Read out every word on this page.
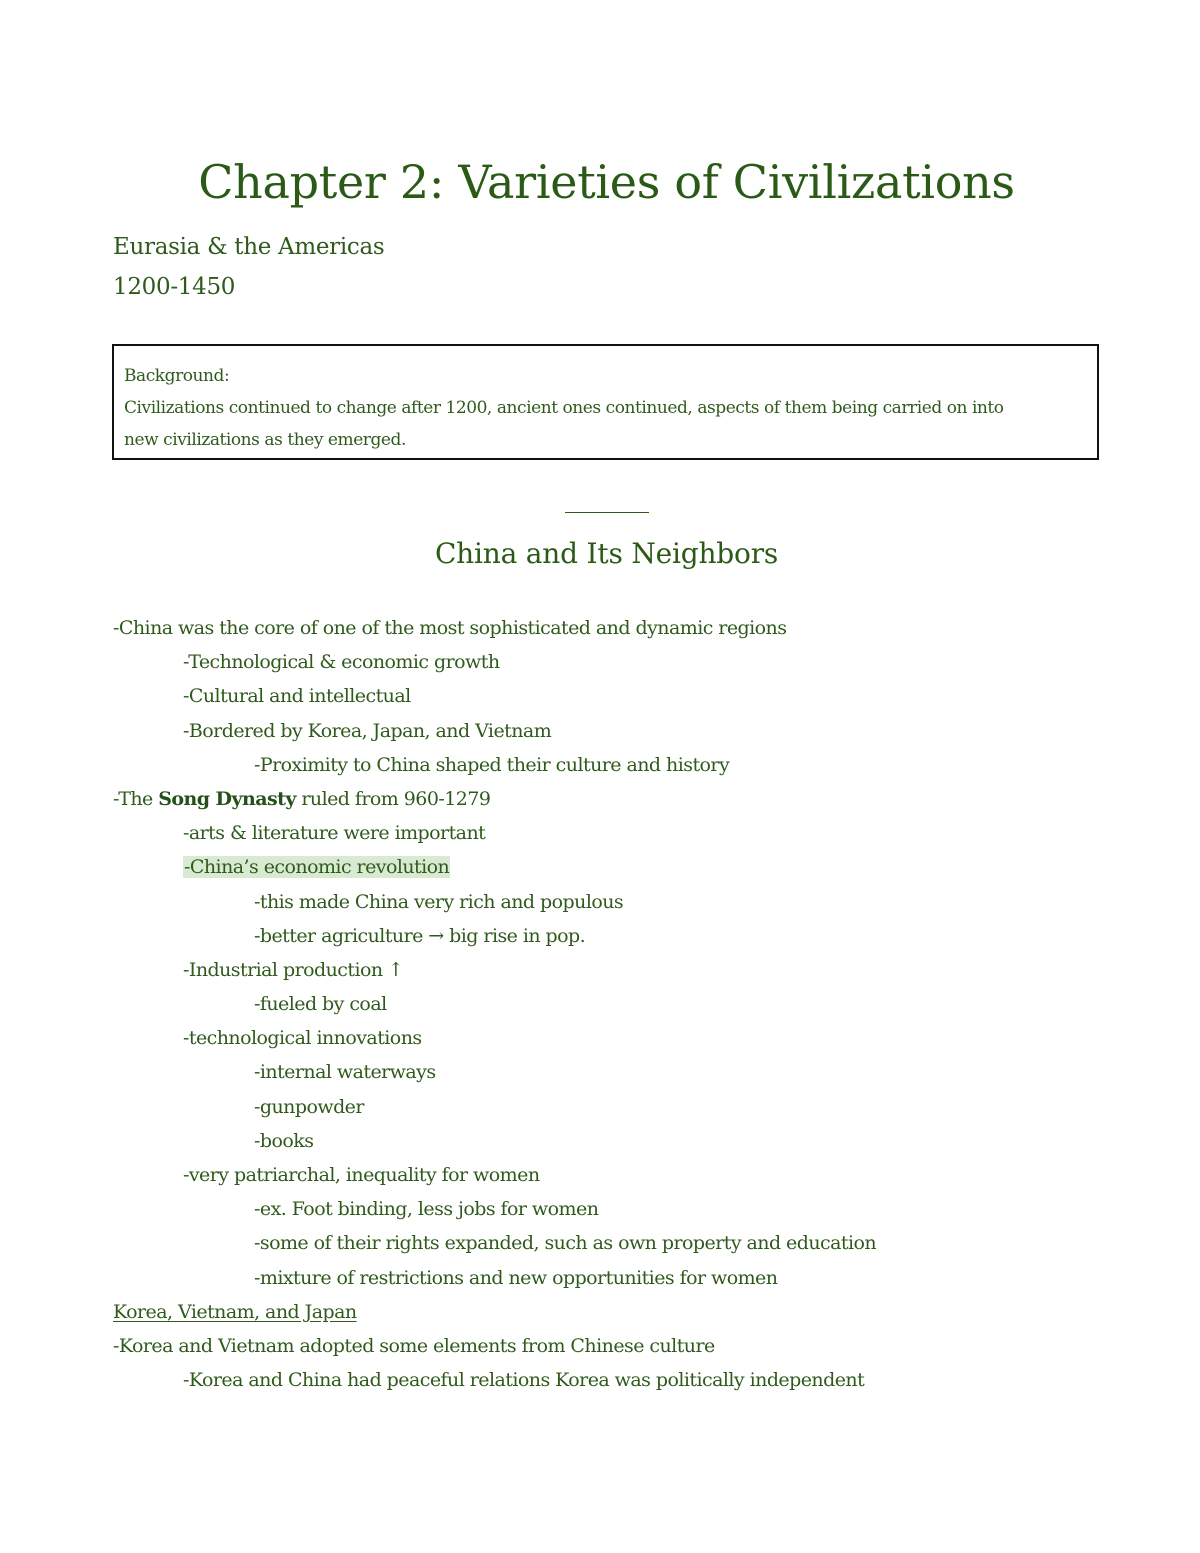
Chapter 2: Varieties of Civilizations
Eurasia & the Americas
1200-1450
Background:
Civilizations continued to change after 1200, ancient ones continued, aspects of them being carried on into
new civilizations as they emerged.
China and Its Neighbors
-China was the core of one of the most sophisticated and dynamic regions
-Technological & economic growth
-Cultural and intellectual
-Bordered by Korea, Japan, and Vietnam
-Proximity to China shaped their culture and history
-The Song Dynasty ruled from 960-1279
-arts & literature were important
-China’s economic revolution
-this made China very rich and populous
-better agriculture → big rise in pop.
-Industrial production ↑
-fueled by coal
-technological innovations
-internal waterways
-gunpowder
-books
-very patriarchal, inequality for women
-ex. Foot binding, less jobs for women
-some of their rights expanded, such as own property and education
-mixture of restrictions and new opportunities for women
Korea, Vietnam, and Japan
-Korea and Vietnam adopted some elements from Chinese culture
-Korea and China had peaceful relations Korea was politically independent
